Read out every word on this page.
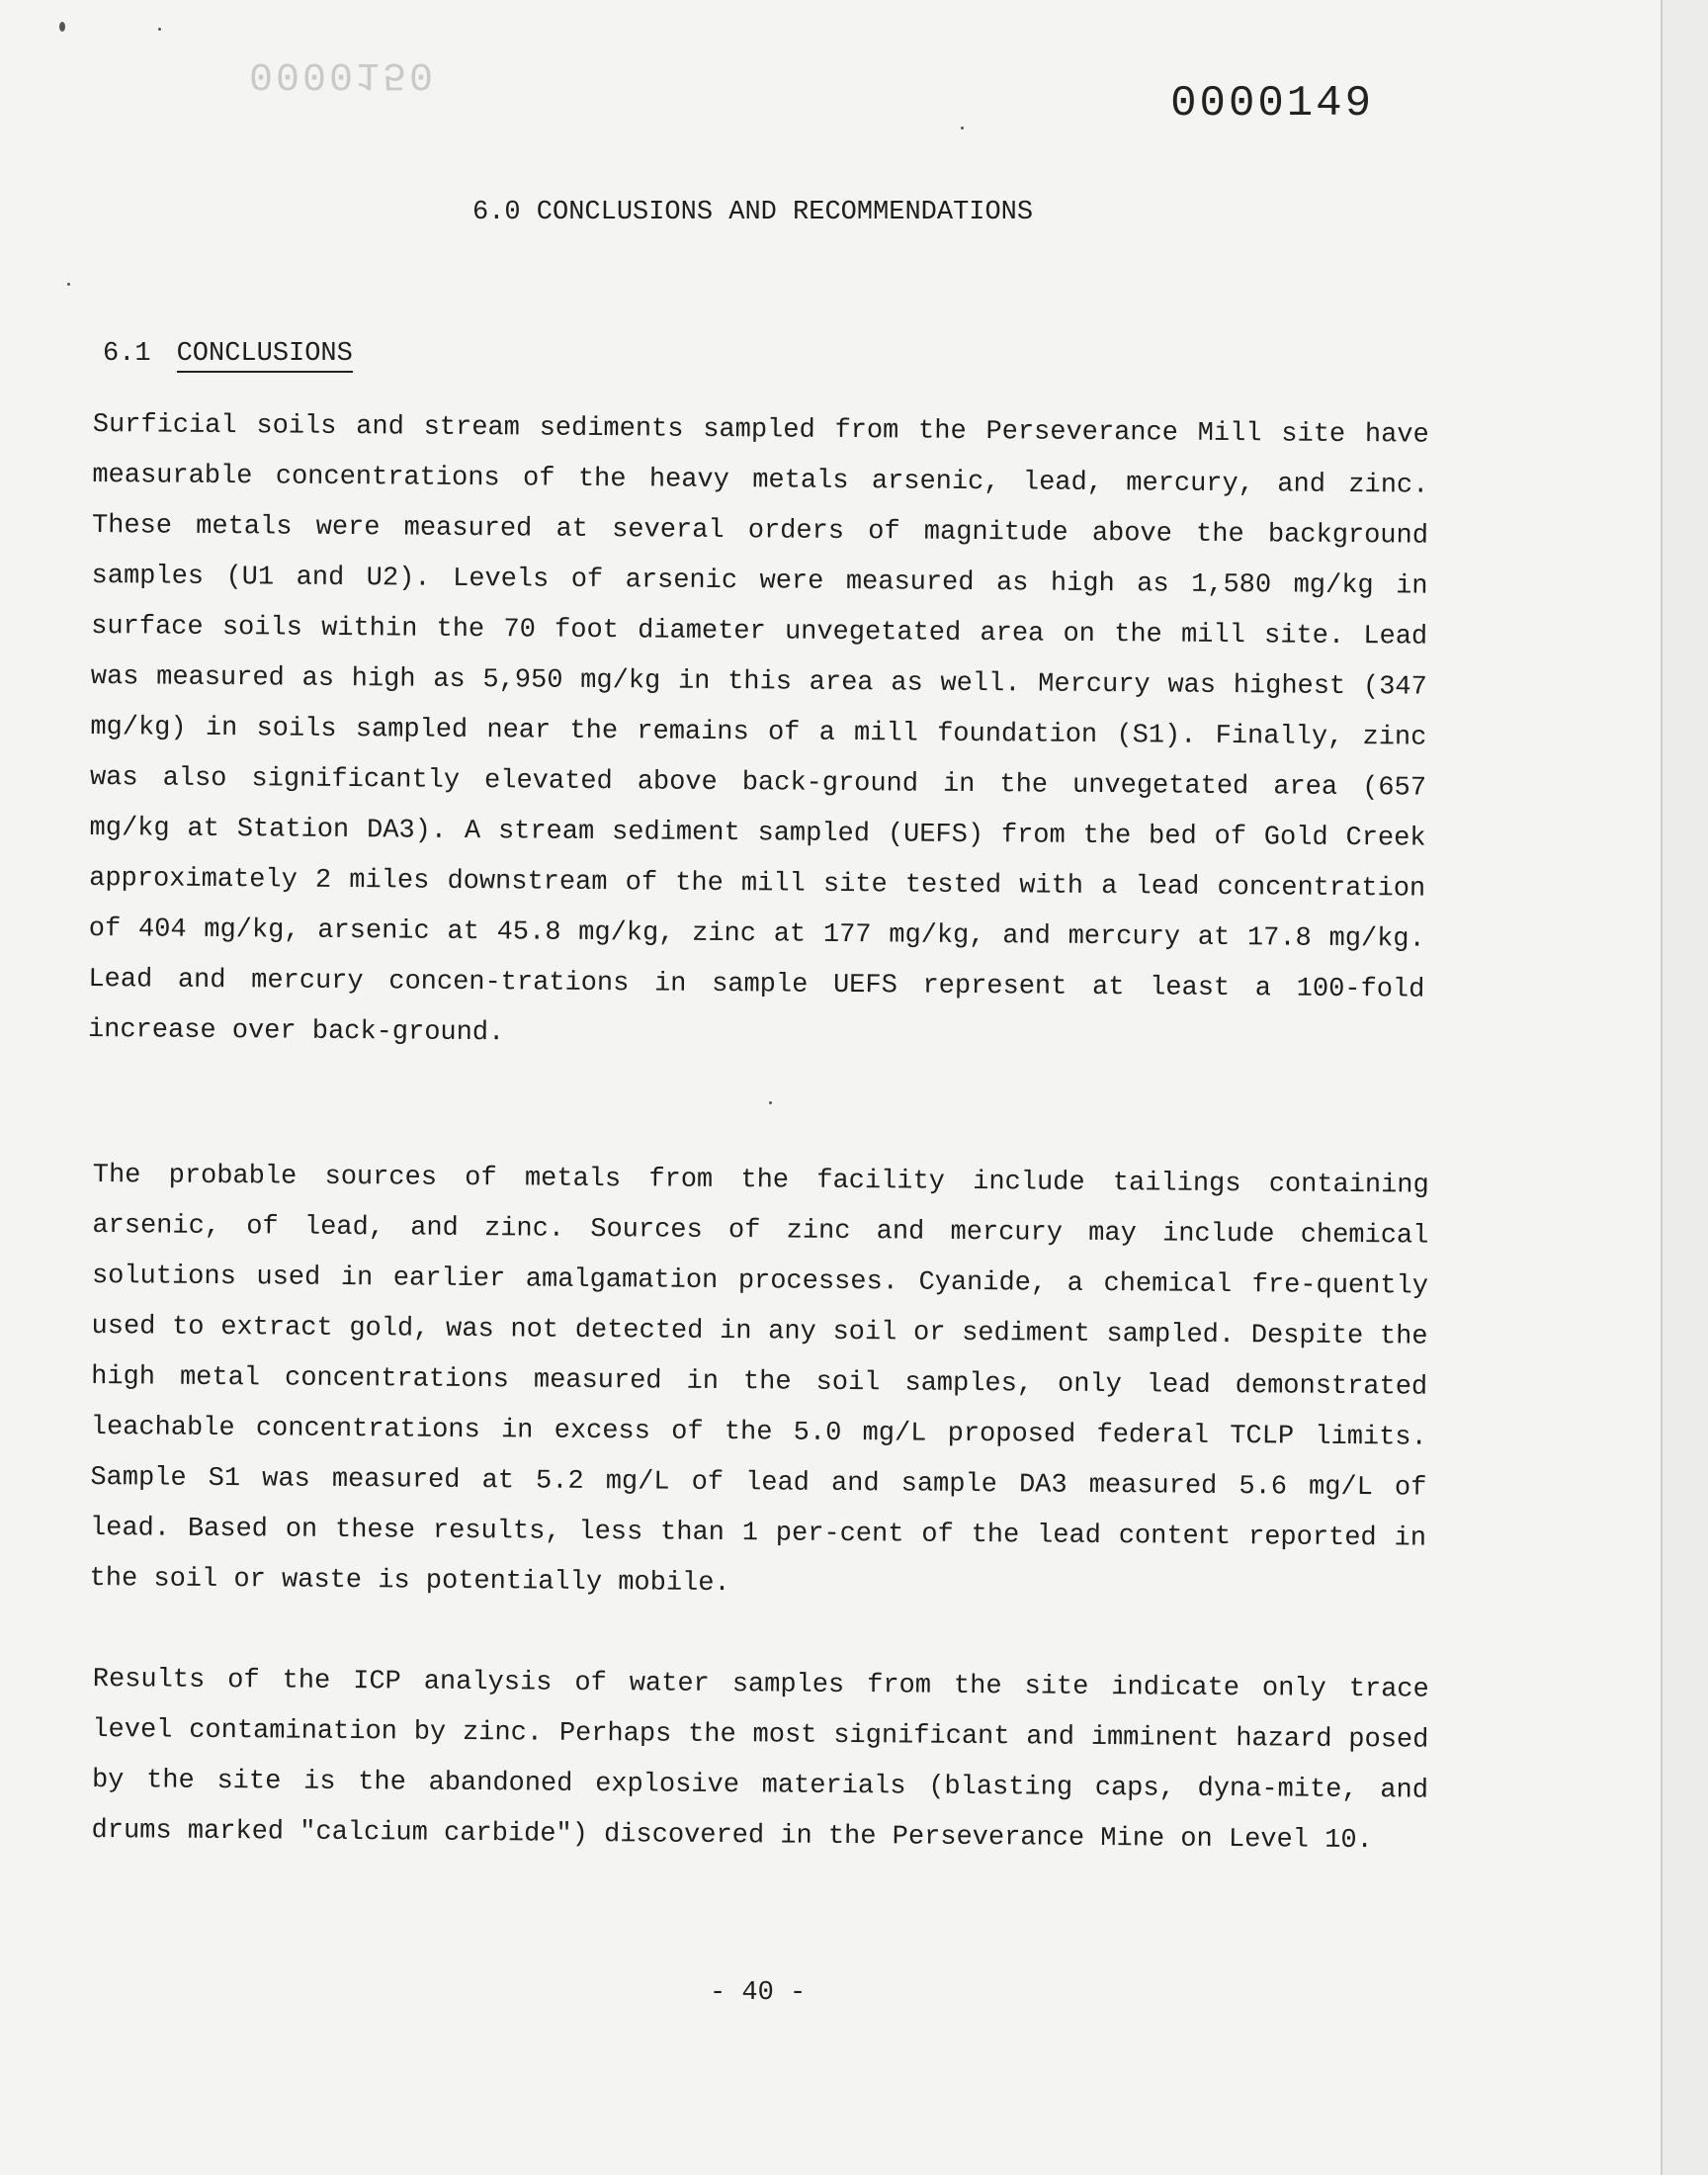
0000150
0000149
6.0 CONCLUSIONS AND RECOMMENDATIONS
6.1 CONCLUSIONS

Surficial soils and stream sediments sampled from the Perseverance Mill site have measurable concentrations of the heavy metals arsenic, lead, mercury, and zinc. These metals were measured at several orders of magnitude above the background samples (U1 and U2). Levels of arsenic were measured as high as 1,580 mg/kg in surface soils within the 70 foot diameter unvegetated area on the mill site. Lead was measured as high as 5,950 mg/kg in this area as well. Mercury was highest (347 mg/kg) in soils sampled near the remains of a mill foundation (S1). Finally, zinc was also significantly elevated above back-ground in the unvegetated area (657 mg/kg at Station DA3). A stream sediment sampled (UEFS) from the bed of Gold Creek approximately 2 miles downstream of the mill site tested with a lead concentration of 404 mg/kg, arsenic at 45.8 mg/kg, zinc at 177 mg/kg, and mercury at 17.8 mg/kg. Lead and mercury concen-trations in sample UEFS represent at least a 100-fold increase over back-ground.

The probable sources of metals from the facility include tailings containing arsenic, of lead, and zinc. Sources of zinc and mercury may include chemical solutions used in earlier amalgamation processes. Cyanide, a chemical fre-quently used to extract gold, was not detected in any soil or sediment sampled. Despite the high metal concentrations measured in the soil samples, only lead demonstrated leachable concentrations in excess of the 5.0 mg/L proposed federal TCLP limits. Sample S1 was measured at 5.2 mg/L of lead and sample DA3 measured 5.6 mg/L of lead. Based on these results, less than 1 per-cent of the lead content reported in the soil or waste is potentially mobile.

Results of the ICP analysis of water samples from the site indicate only trace level contamination by zinc. Perhaps the most significant and imminent hazard posed by the site is the abandoned explosive materials (blasting caps, dyna-mite, and drums marked "calcium carbide") discovered in the Perseverance Mine on Level 10.

- 40 -
